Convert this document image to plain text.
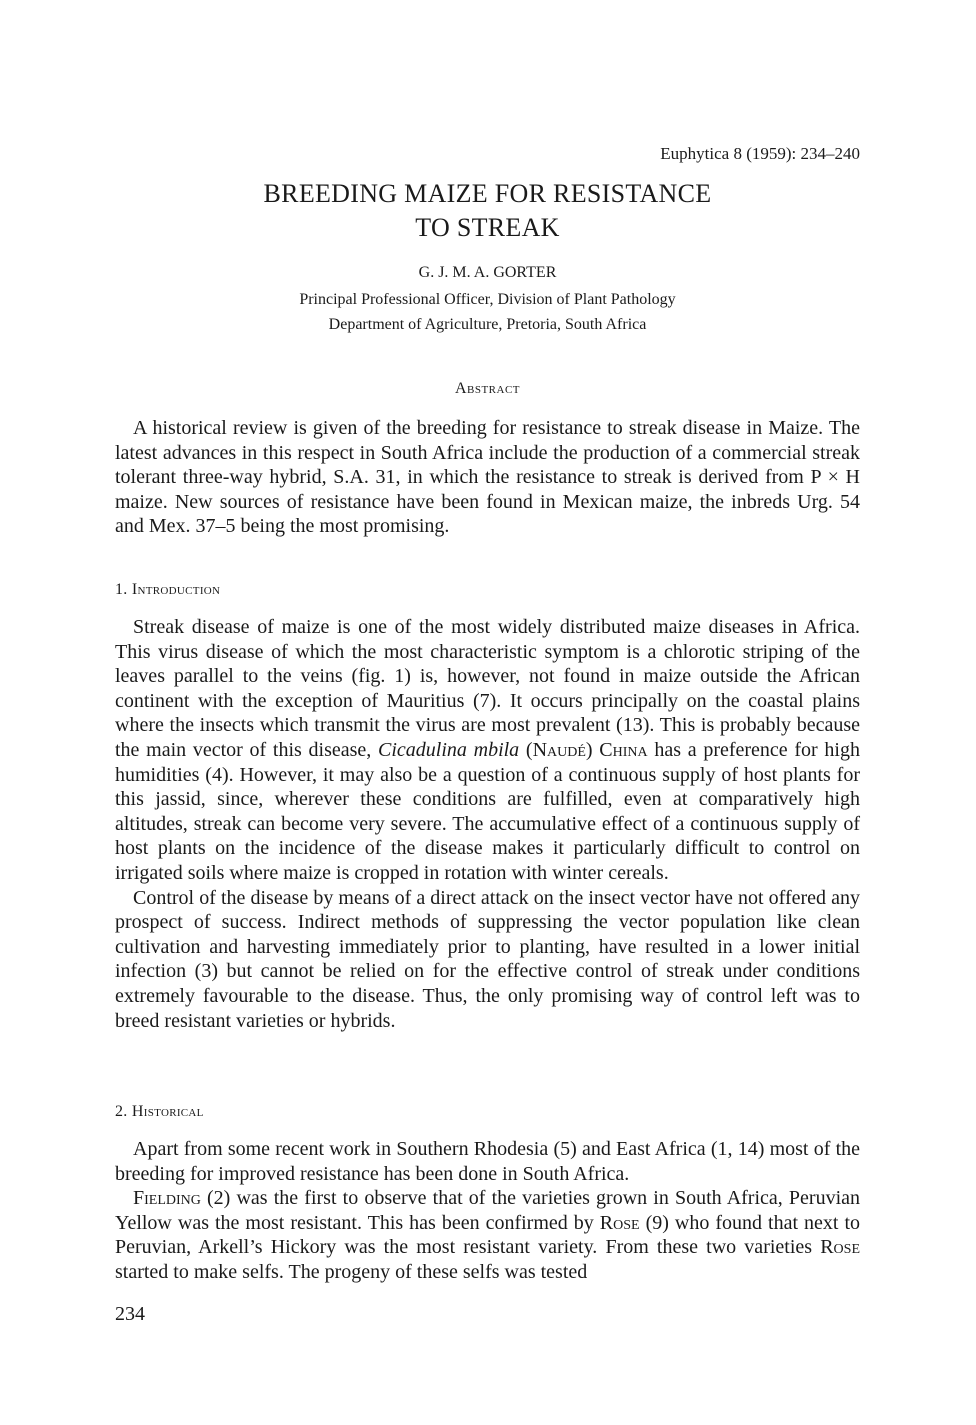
Euphytica 8 (1959): 234–240
BREEDING MAIZE FOR RESISTANCE
TO STREAK
G. J. M. A. GORTER
Principal Professional Officer, Division of Plant Pathology
Department of Agriculture, Pretoria, South Africa
Abstract

A historical review is given of the breeding for resistance to streak disease in Maize. The latest advances in this respect in South Africa include the production of a commercial streak tolerant three-way hybrid, S.A. 31, in which the resistance to streak is derived from P × H maize. New sources of resistance have been found in Mexican maize, the inbreds Urg. 54 and Mex. 37–5 being the most promising.

1. Introduction

Streak disease of maize is one of the most widely distributed maize diseases in Africa. This virus disease of which the most characteristic symptom is a chlorotic striping of the leaves parallel to the veins (fig. 1) is, however, not found in maize outside the African continent with the exception of Mauritius (7). It occurs principally on the coastal plains where the insects which transmit the virus are most prevalent (13). This is probably because the main vector of this disease, Cicadulina mbila (Naudé) China has a preference for high humidities (4). However, it may also be a question of a continuous supply of host plants for this jassid, since, wherever these conditions are fulfilled, even at comparatively high altitudes, streak can become very severe. The accumulative effect of a continuous supply of host plants on the incidence of the disease makes it particularly difficult to control on irrigated soils where maize is cropped in rotation with winter cereals.

Control of the disease by means of a direct attack on the insect vector have not offered any prospect of success. Indirect methods of suppressing the vector population like clean cultivation and harvesting immediately prior to planting, have resulted in a lower initial infection (3) but cannot be relied on for the effective control of streak under conditions extremely favourable to the disease. Thus, the only promising way of control left was to breed resistant varieties or hybrids.

2. Historical

Apart from some recent work in Southern Rhodesia (5) and East Africa (1, 14) most of the breeding for improved resistance has been done in South Africa.

Fielding (2) was the first to observe that of the varieties grown in South Africa, Peruvian Yellow was the most resistant. This has been confirmed by Rose (9) who found that next to Peruvian, Arkell’s Hickory was the most resistant variety. From these two varieties Rose started to make selfs. The progeny of these selfs was tested

234
